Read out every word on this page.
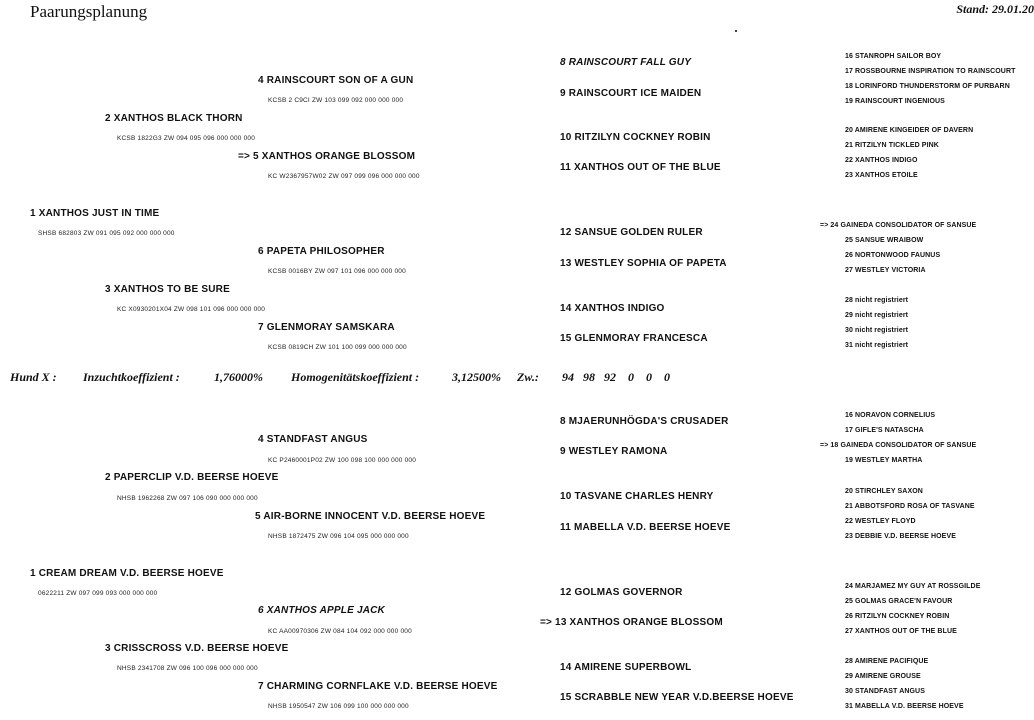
Paarungsplanung	Stand: 29.01.20
4 RAINSCOURT SON OF A GUN
2 XANTHOS BLACK THORN
=> 5 XANTHOS ORANGE BLOSSOM
1 XANTHOS JUST IN TIME
6 PAPETA PHILOSOPHER
3 XANTHOS TO BE SURE
7 GLENMORAY SAMSKARA
8 RAINSCOURT FALL GUY
9 RAINSCOURT ICE MAIDEN
10 RITZILYN COCKNEY ROBIN
11 XANTHOS OUT OF THE BLUE
12 SANSUE GOLDEN RULER
13 WESTLEY SOPHIA OF PAPETA
14 XANTHOS INDIGO
15 GLENMORAY FRANCESCA
KCSB 2 C9CI ZW 103 099 092 000 000 000
KCSB 1822G3 ZW 094 095 096 000 000 000
KC W2367957W02 ZW 097 099 096 000 000 000
SHSB 682803 ZW 091 095 092 000 000 000
KCSB 0016BY ZW 097 101 096 000 000 000
KC X0930201X04 ZW 098 101 096 000 000 000
KCSB 0819CH ZW 101 100 099 000 000 000
16 STANROPH SAILOR BOY
17 ROSSBOURNE INSPIRATION TO RAINSCOURT
18 LORINFORD THUNDERSTORM OF PURBARN
19 RAINSCOURT INGENIOUS
20 AMIRENE KINGEIDER OF DAVERN
21 RITZILYN TICKLED PINK
22 XANTHOS INDIGO
23 XANTHOS ETOILE
=> 24 GAINEDA CONSOLIDATOR OF SANSUE
25 SANSUE WRAIBOW
26 NORTONWOOD FAUNUS
27 WESTLEY VICTORIA
28 nicht registriert
29 nicht registriert
30 nicht registriert
31 nicht registriert
Hund X : Inzuchtkoeffizient :	1,76000% Homogenitätskoeffizient :	3,12500% Zw.: 94   98   92    0    0    0
4 STANDFAST ANGUS
2 PAPERCLIP V.D. BEERSE HOEVE
5 AIR-BORNE INNOCENT V.D. BEERSE HOEVE
1 CREAM DREAM V.D. BEERSE HOEVE
6 XANTHOS APPLE JACK
3 CRISSCROSS V.D. BEERSE HOEVE
7 CHARMING CORNFLAKE V.D. BEERSE HOEVE
8 MJAERUNHÖGDA'S CRUSADER
9 WESTLEY RAMONA
10 TASVANE CHARLES HENRY
11 MABELLA V.D. BEERSE HOEVE
12 GOLMAS GOVERNOR
=> 13 XANTHOS ORANGE BLOSSOM
14 AMIRENE SUPERBOWL
15 SCRABBLE NEW YEAR V.D.BEERSE HOEVE
KC P2460001P02 ZW 100 098 100 000 000 000
NHSB 1962268 ZW 097 106 090 000 000 000
NHSB 1872475 ZW 096 104 095 000 000 000
0622211 ZW 097 099 093 000 000 000
KC AA00970306 ZW 084 104 092 000 000 000
NHSB 2341708 ZW 096 100 096 000 000 000
NHSB 1950547 ZW 106 099 100 000 000 000
16 NORAVON CORNELIUS
17 GIFLE'S NATASCHA
=> 18 GAINEDA CONSOLIDATOR OF SANSUE
19 WESTLEY MARTHA
20 STIRCHLEY SAXON
21 ABBOTSFORD ROSA OF TASVANE
22 WESTLEY FLOYD
23 DEBBIE V.D. BEERSE HOEVE
24 MARJAMEZ MY GUY AT ROSSGILDE
25 GOLMAS GRACE'N FAVOUR
26 RITZILYN COCKNEY ROBIN
27 XANTHOS OUT OF THE BLUE
28 AMIRENE PACIFIQUE
29 AMIRENE GROUSE
30 STANDFAST ANGUS
31 MABELLA V.D. BEERSE HOEVE
